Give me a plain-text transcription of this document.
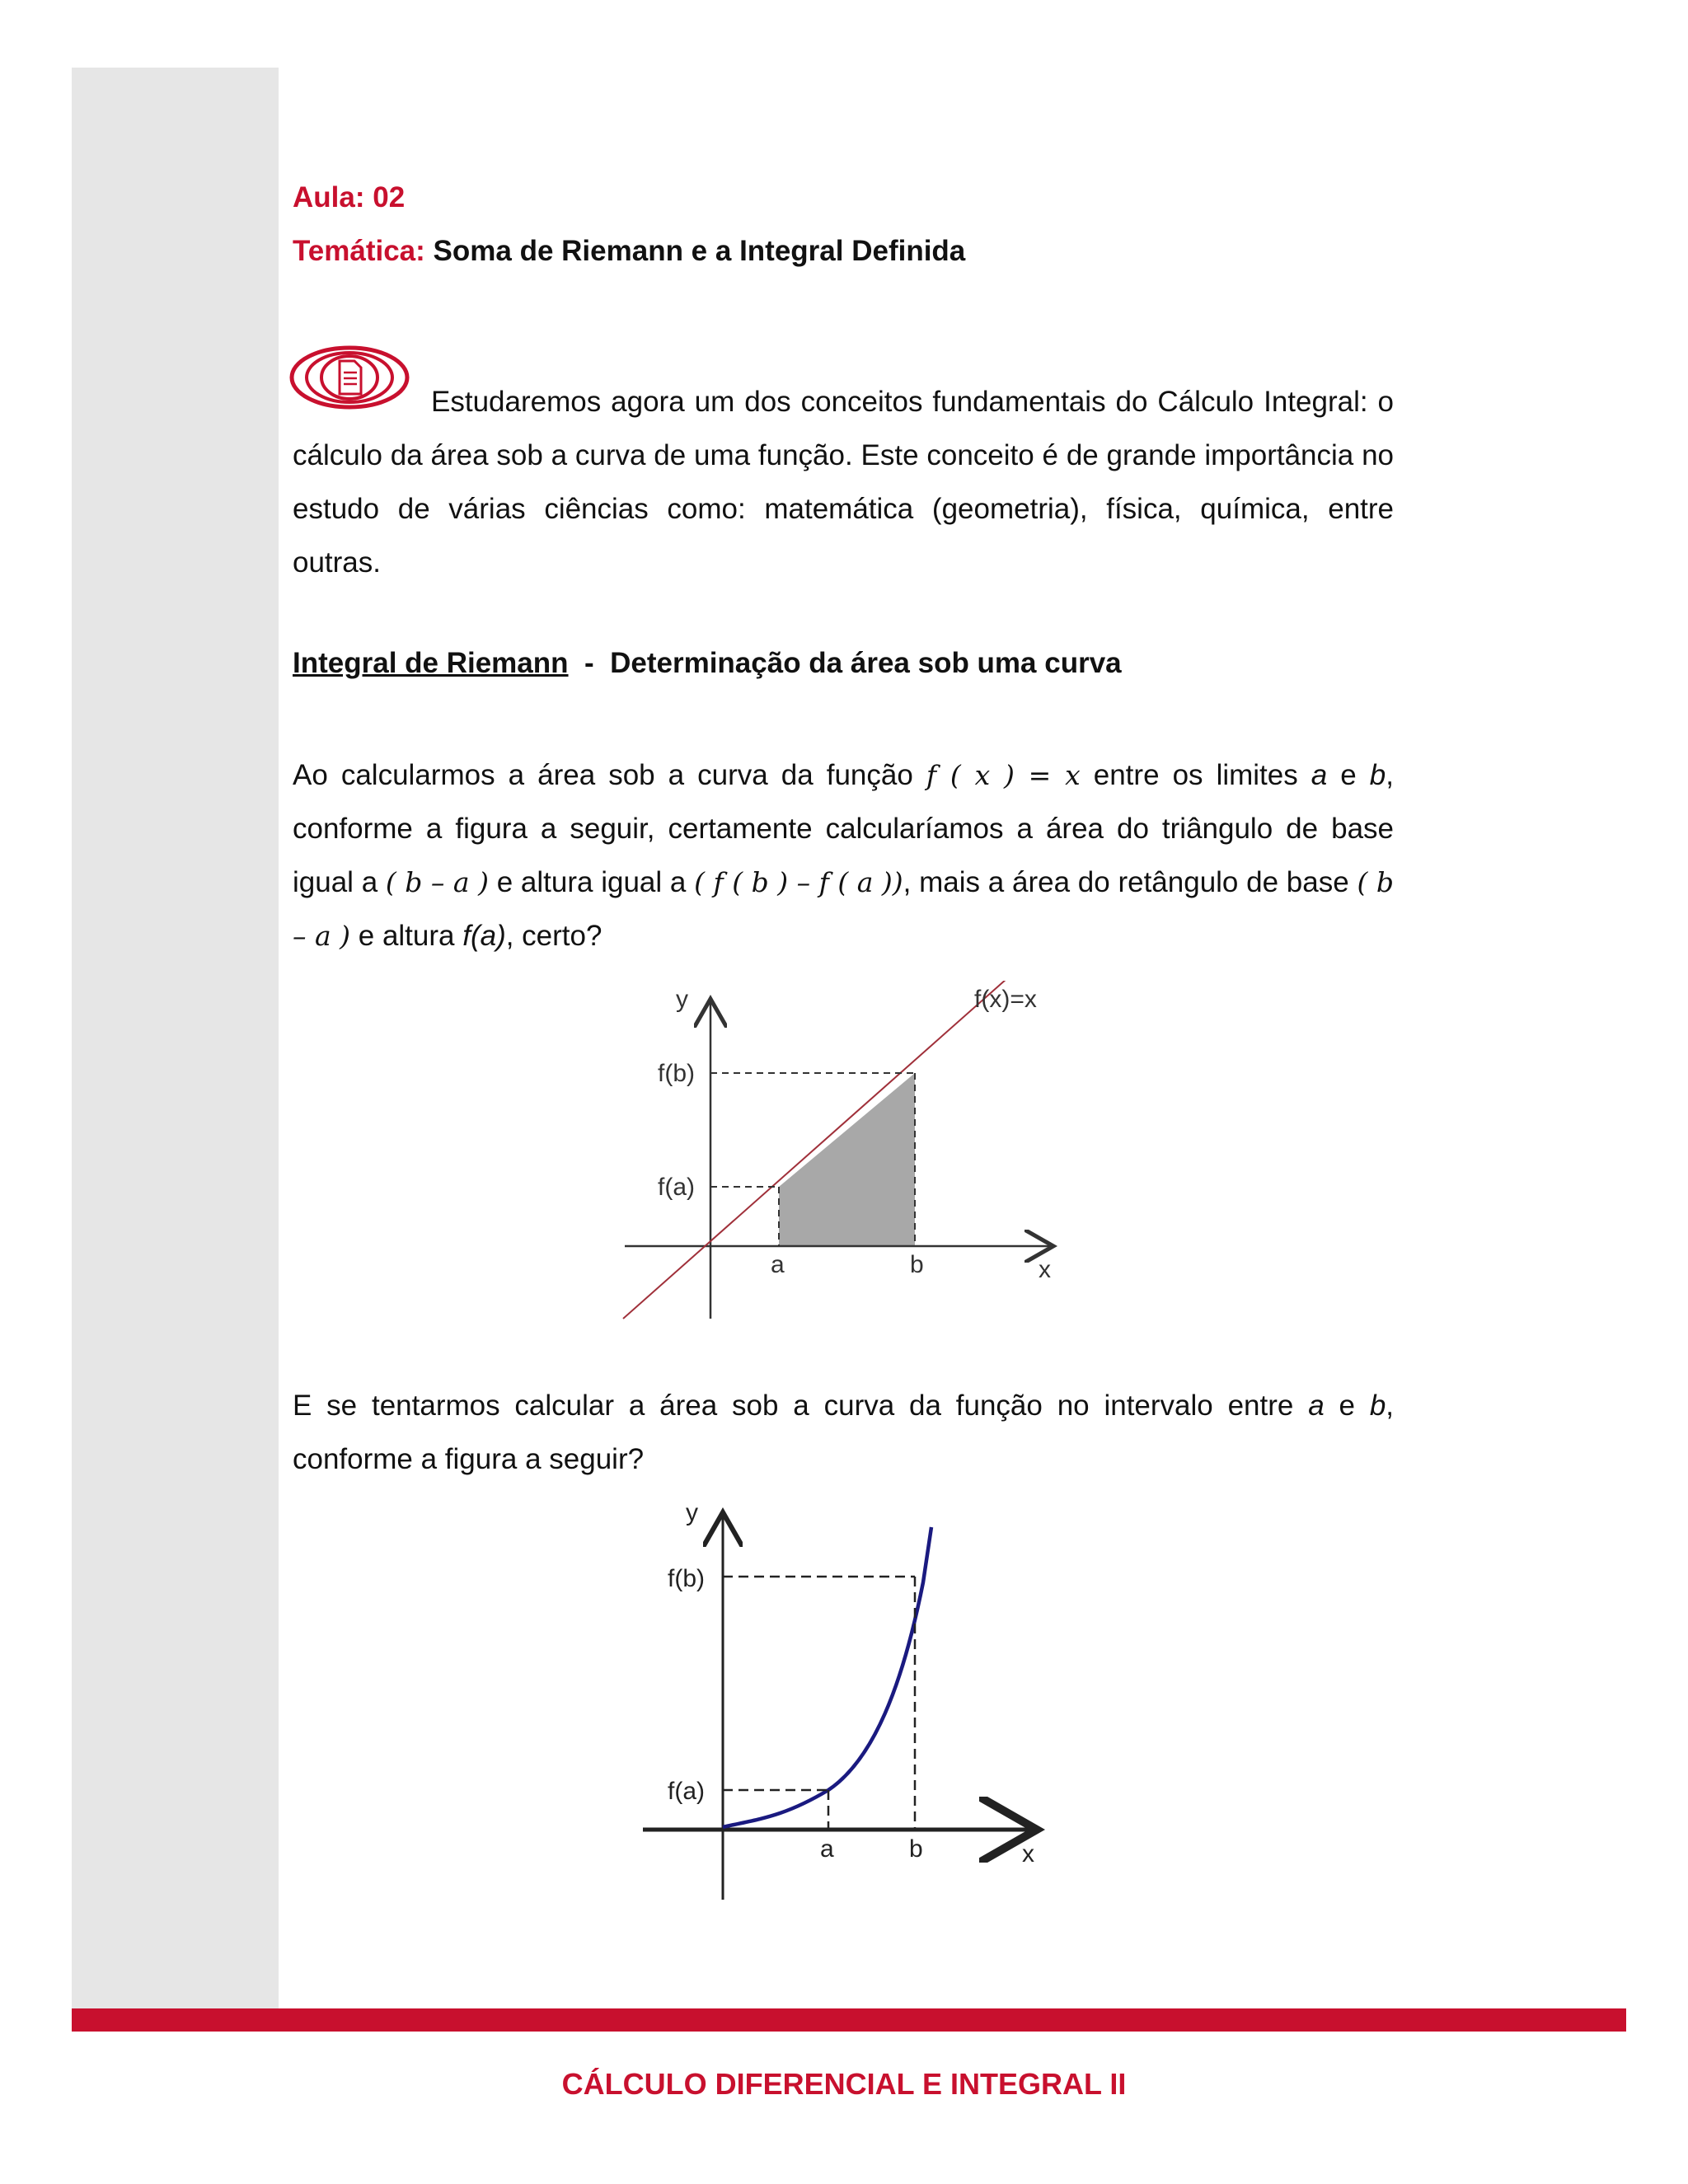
Aula: 02
Temática: Soma de Riemann e a Integral Definida
Estudaremos agora um dos conceitos fundamentais do Cálculo Integral: o cálculo da área sob a curva de uma função. Este conceito é de grande importância no estudo de várias ciências como: matemática (geometria), física, química, entre outras.
Integral de Riemann - Determinação da área sob uma curva
Ao calcularmos a área sob a curva da função f ( x ) = x entre os limites a e b, conforme a figura a seguir, certamente calcularíamos a área do triângulo de base igual a ( b – a ) e altura igual a ( f ( b ) – f ( a )), mais a área do retângulo de base ( b – a ) e altura f(a), certo?
y	f(x)=x
f(b)
f(a)
a	b	x
E se tentarmos calcular a área sob a curva da função no intervalo entre a e b, conforme a figura a seguir?
y
f(b)
f(a)
a	b	x
CÁLCULO DIFERENCIAL E INTEGRAL II
